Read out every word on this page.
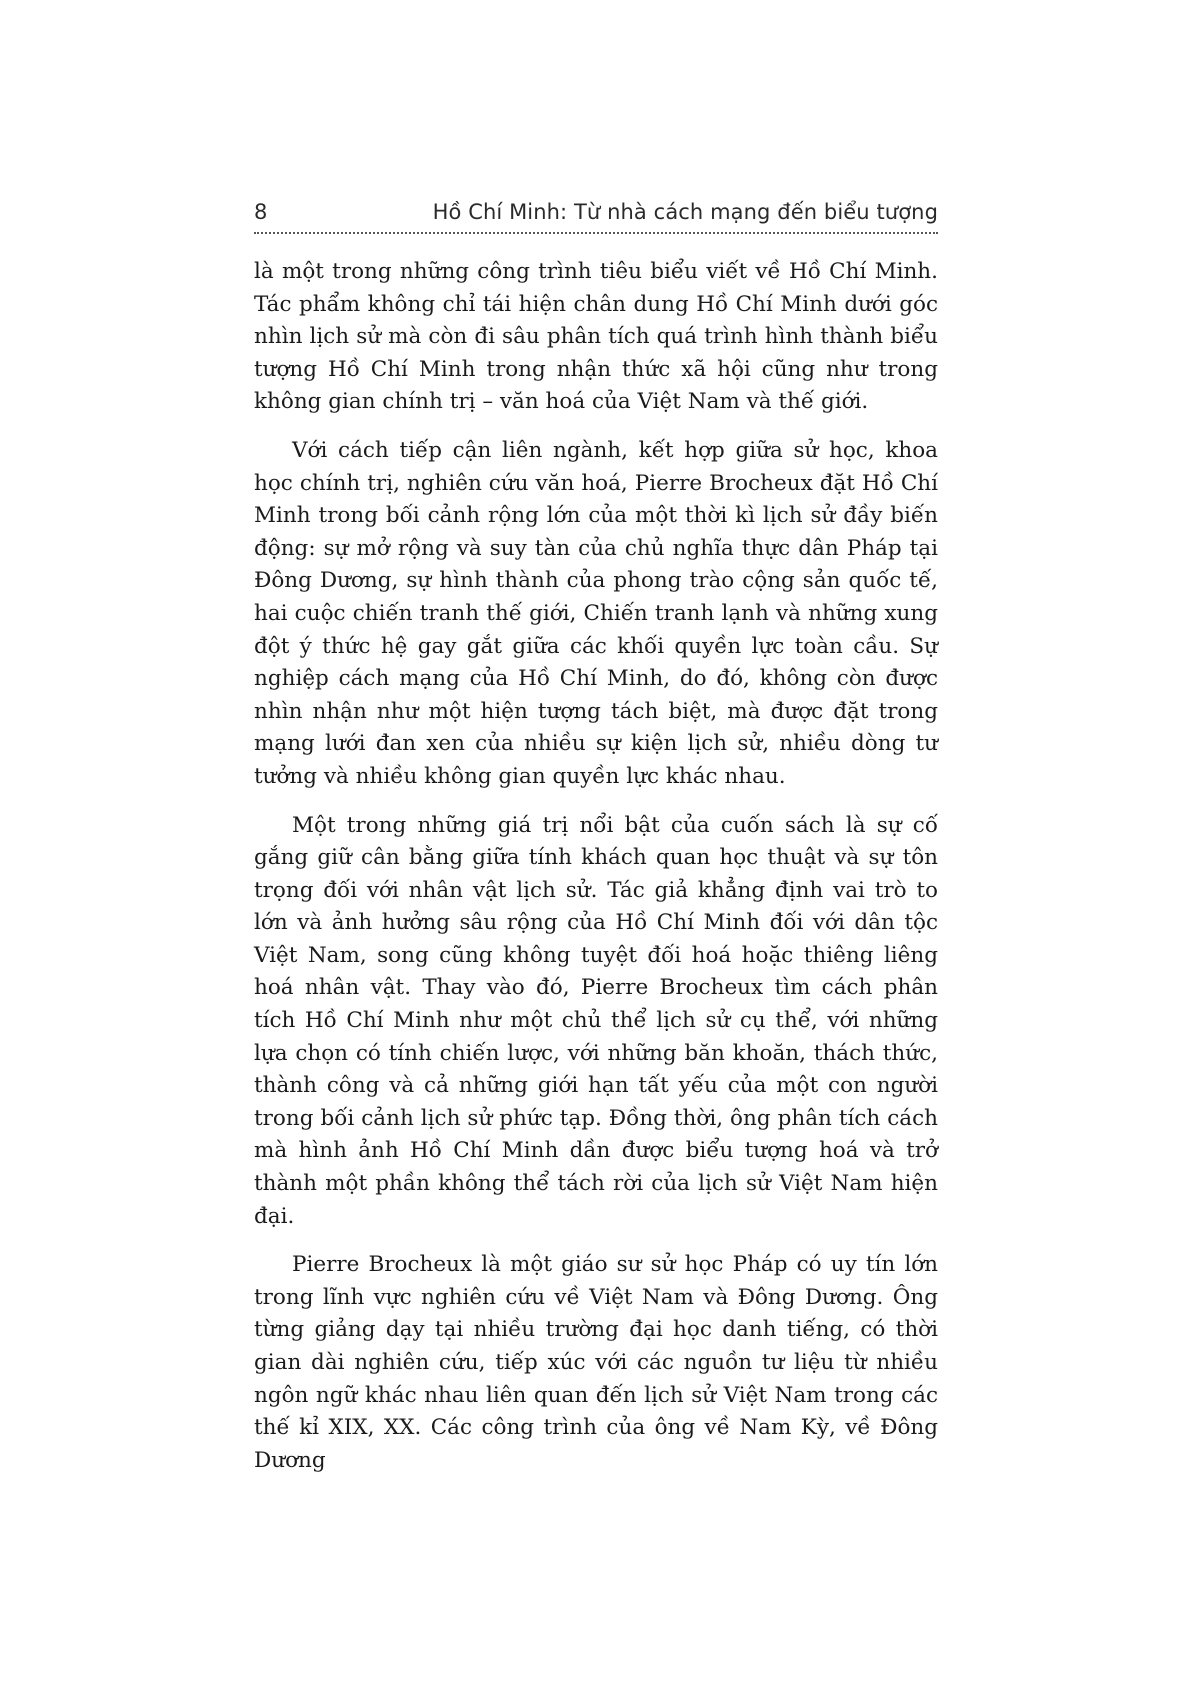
8	Hồ Chí Minh: Từ nhà cách mạng đến biểu tượng

là một trong những công trình tiêu biểu viết về Hồ Chí Minh. Tác phẩm không chỉ tái hiện chân dung Hồ Chí Minh dưới góc nhìn lịch sử mà còn đi sâu phân tích quá trình hình thành biểu tượng Hồ Chí Minh trong nhận thức xã hội cũng như trong không gian chính trị – văn hoá của Việt Nam và thế giới.

Với cách tiếp cận liên ngành, kết hợp giữa sử học, khoa học chính trị, nghiên cứu văn hoá, Pierre Brocheux đặt Hồ Chí Minh trong bối cảnh rộng lớn của một thời kì lịch sử đầy biến động: sự mở rộng và suy tàn của chủ nghĩa thực dân Pháp tại Đông Dương, sự hình thành của phong trào cộng sản quốc tế, hai cuộc chiến tranh thế giới, Chiến tranh lạnh và những xung đột ý thức hệ gay gắt giữa các khối quyền lực toàn cầu. Sự nghiệp cách mạng của Hồ Chí Minh, do đó, không còn được nhìn nhận như một hiện tượng tách biệt, mà được đặt trong mạng lưới đan xen của nhiều sự kiện lịch sử, nhiều dòng tư tưởng và nhiều không gian quyền lực khác nhau.

Một trong những giá trị nổi bật của cuốn sách là sự cố gắng giữ cân bằng giữa tính khách quan học thuật và sự tôn trọng đối với nhân vật lịch sử. Tác giả khẳng định vai trò to lớn và ảnh hưởng sâu rộng của Hồ Chí Minh đối với dân tộc Việt Nam, song cũng không tuyệt đối hoá hoặc thiêng liêng hoá nhân vật. Thay vào đó, Pierre Brocheux tìm cách phân tích Hồ Chí Minh như một chủ thể lịch sử cụ thể, với những lựa chọn có tính chiến lược, với những băn khoăn, thách thức, thành công và cả những giới hạn tất yếu của một con người trong bối cảnh lịch sử phức tạp. Đồng thời, ông phân tích cách mà hình ảnh Hồ Chí Minh dần được biểu tượng hoá và trở thành một phần không thể tách rời của lịch sử Việt Nam hiện đại.

Pierre Brocheux là một giáo sư sử học Pháp có uy tín lớn trong lĩnh vực nghiên cứu về Việt Nam và Đông Dương. Ông từng giảng dạy tại nhiều trường đại học danh tiếng, có thời gian dài nghiên cứu, tiếp xúc với các nguồn tư liệu từ nhiều ngôn ngữ khác nhau liên quan đến lịch sử Việt Nam trong các thế kỉ XIX, XX. Các công trình của ông về Nam Kỳ, về Đông Dương
